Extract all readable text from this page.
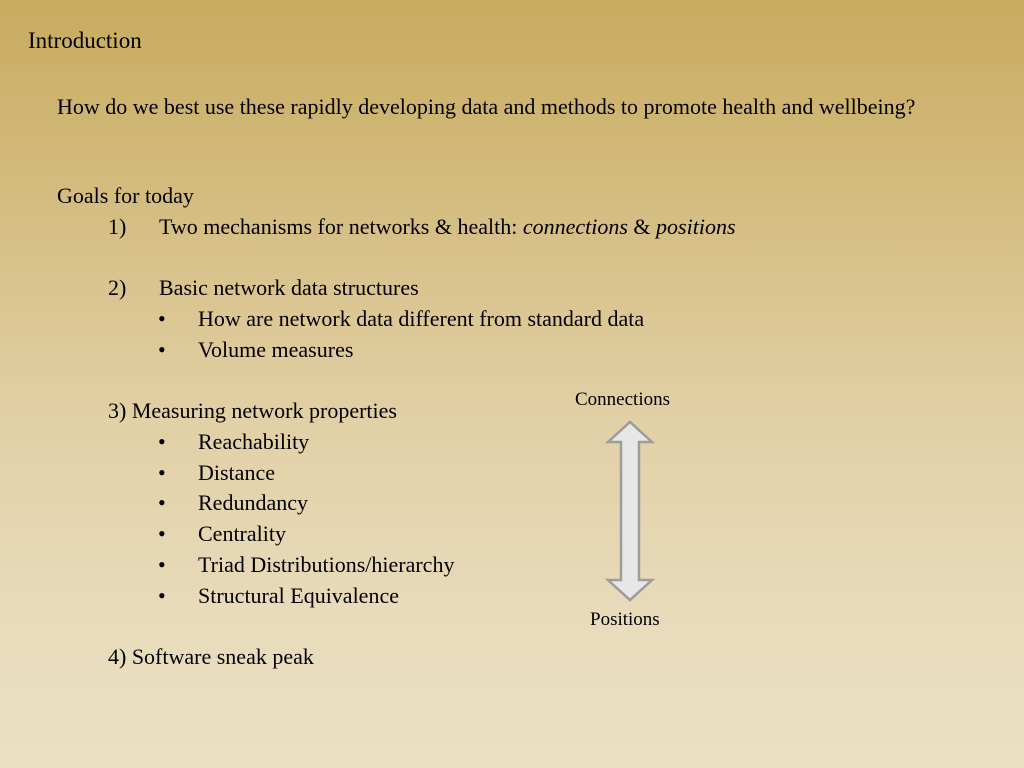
Introduction
How do we best use these rapidly developing data and methods to promote health and wellbeing?
Goals for today
1) Two mechanisms for networks & health: connections & positions
2) Basic network data structures
• How are network data different from standard data
• Volume measures
3) Measuring network properties
• Reachability
• Distance
• Redundancy
• Centrality
• Triad Distributions/hierarchy
• Structural Equivalence
4) Software sneak peak
Connections
Positions
